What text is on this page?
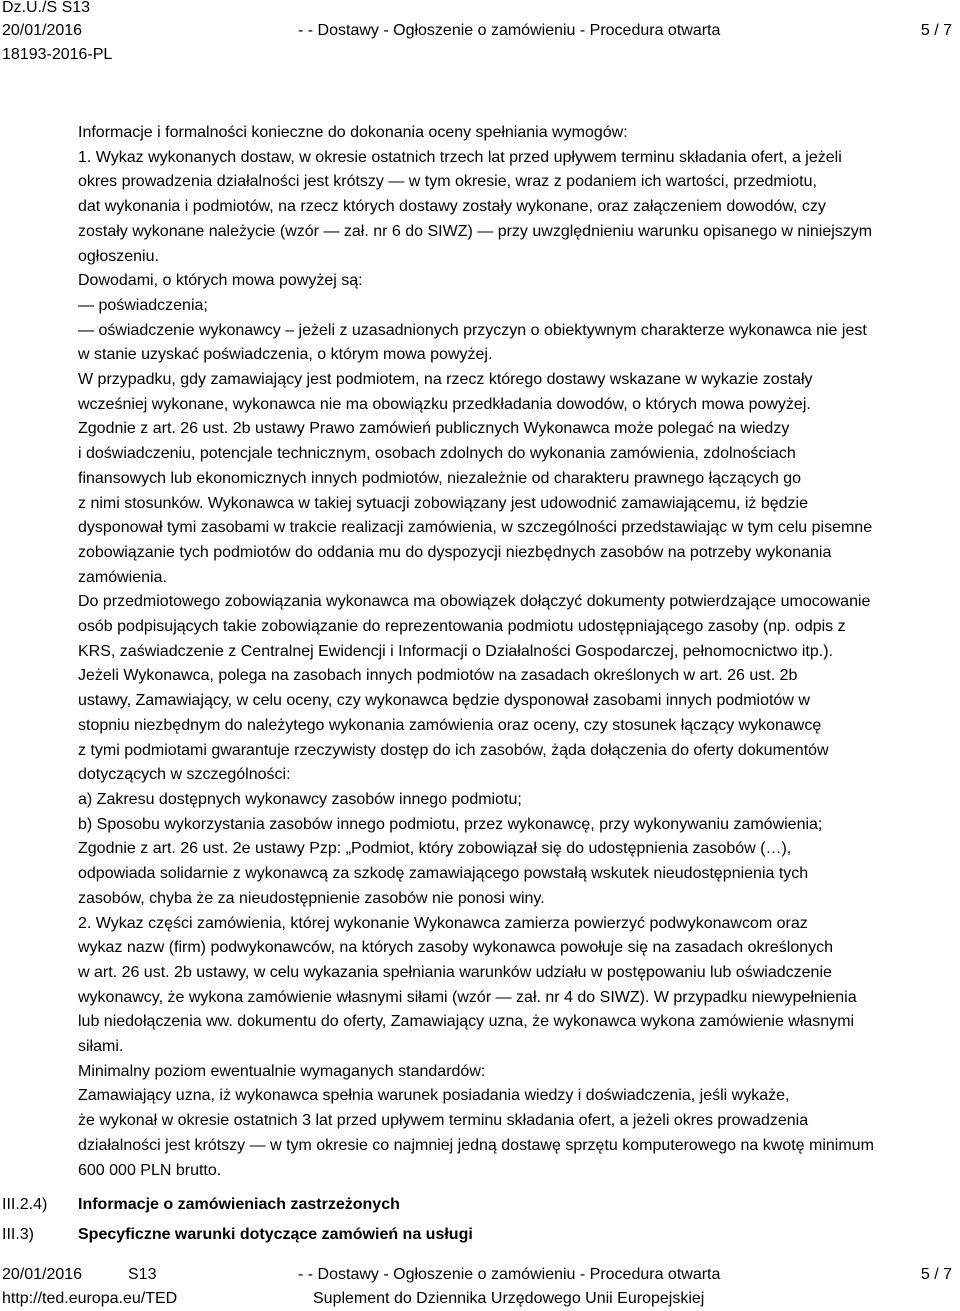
Dz.U./S S13
20/01/2016	- - Dostawy - Ogłoszenie o zamówieniu - Procedura otwarta	5 / 7
18193-2016-PL

Informacje i formalności konieczne do dokonania oceny spełniania wymogów:

1. Wykaz wykonanych dostaw, w okresie ostatnich trzech lat przed upływem terminu składania ofert, a jeżeli

okres prowadzenia działalności jest krótszy — w tym okresie, wraz z podaniem ich wartości, przedmiotu,

dat wykonania i podmiotów, na rzecz których dostawy zostały wykonane, oraz załączeniem dowodów, czy

zostały wykonane należycie (wzór — zał. nr 6 do SIWZ) — przy uwzględnieniu warunku opisanego w niniejszym

ogłoszeniu.

Dowodami, o których mowa powyżej są:

— poświadczenia;

— oświadczenie wykonawcy – jeżeli z uzasadnionych przyczyn o obiektywnym charakterze wykonawca nie jest

w stanie uzyskać poświadczenia, o którym mowa powyżej.

W przypadku, gdy zamawiający jest podmiotem, na rzecz którego dostawy wskazane w wykazie zostały

wcześniej wykonane, wykonawca nie ma obowiązku przedkładania dowodów, o których mowa powyżej.

Zgodnie z art. 26 ust. 2b ustawy Prawo zamówień publicznych Wykonawca może polegać na wiedzy

i doświadczeniu, potencjale technicznym, osobach zdolnych do wykonania zamówienia, zdolnościach

finansowych lub ekonomicznych innych podmiotów, niezależnie od charakteru prawnego łączących go

z nimi stosunków. Wykonawca w takiej sytuacji zobowiązany jest udowodnić zamawiającemu, iż będzie

dysponował tymi zasobami w trakcie realizacji zamówienia, w szczególności przedstawiając w tym celu pisemne

zobowiązanie tych podmiotów do oddania mu do dyspozycji niezbędnych zasobów na potrzeby wykonania

zamówienia.

Do przedmiotowego zobowiązania wykonawca ma obowiązek dołączyć dokumenty potwierdzające umocowanie

osób podpisujących takie zobowiązanie do reprezentowania podmiotu udostępniającego zasoby (np. odpis z

KRS, zaświadczenie z Centralnej Ewidencji i Informacji o Działalności Gospodarczej, pełnomocnictwo itp.).

Jeżeli Wykonawca, polega na zasobach innych podmiotów na zasadach określonych w art. 26 ust. 2b

ustawy, Zamawiający, w celu oceny, czy wykonawca będzie dysponował zasobami innych podmiotów w

stopniu niezbędnym do należytego wykonania zamówienia oraz oceny, czy stosunek łączący wykonawcę

z tymi podmiotami gwarantuje rzeczywisty dostęp do ich zasobów, żąda dołączenia do oferty dokumentów

dotyczących w szczególności:

a) Zakresu dostępnych wykonawcy zasobów innego podmiotu;

b) Sposobu wykorzystania zasobów innego podmiotu, przez wykonawcę, przy wykonywaniu zamówienia;

Zgodnie z art. 26 ust. 2e ustawy Pzp: „Podmiot, który zobowiązał się do udostępnienia zasobów (…),

odpowiada solidarnie z wykonawcą za szkodę zamawiającego powstałą wskutek nieudostępnienia tych

zasobów, chyba że za nieudostępnienie zasobów nie ponosi winy.

2. Wykaz części zamówienia, której wykonanie Wykonawca zamierza powierzyć podwykonawcom oraz

wykaz nazw (firm) podwykonawców, na których zasoby wykonawca powołuje się na zasadach określonych

w art. 26 ust. 2b ustawy, w celu wykazania spełniania warunków udziału w postępowaniu lub oświadczenie

wykonawcy, że wykona zamówienie własnymi siłami (wzór — zał. nr 4 do SIWZ). W przypadku niewypełnienia

lub niedołączenia ww. dokumentu do oferty, Zamawiający uzna, że wykonawca wykona zamówienie własnymi

siłami.

Minimalny poziom ewentualnie wymaganych standardów:

Zamawiający uzna, iż wykonawca spełnia warunek posiadania wiedzy i doświadczenia, jeśli wykaże,

że wykonał w okresie ostatnich 3 lat przed upływem terminu składania ofert, a jeżeli okres prowadzenia

działalności jest krótszy — w tym okresie co najmniej jedną dostawę sprzętu komputerowego na kwotę minimum

600 000 PLN brutto.

III.2.4) Informacje o zamówieniach zastrzeżonych
III.3)	Specyficzne warunki dotyczące zamówień na usługi
20/01/2016	S13	- - Dostawy - Ogłoszenie o zamówieniu - Procedura otwarta	5 / 7
http://ted.europa.eu/TED	Suplement do Dziennika Urzędowego Unii Europejskiej
